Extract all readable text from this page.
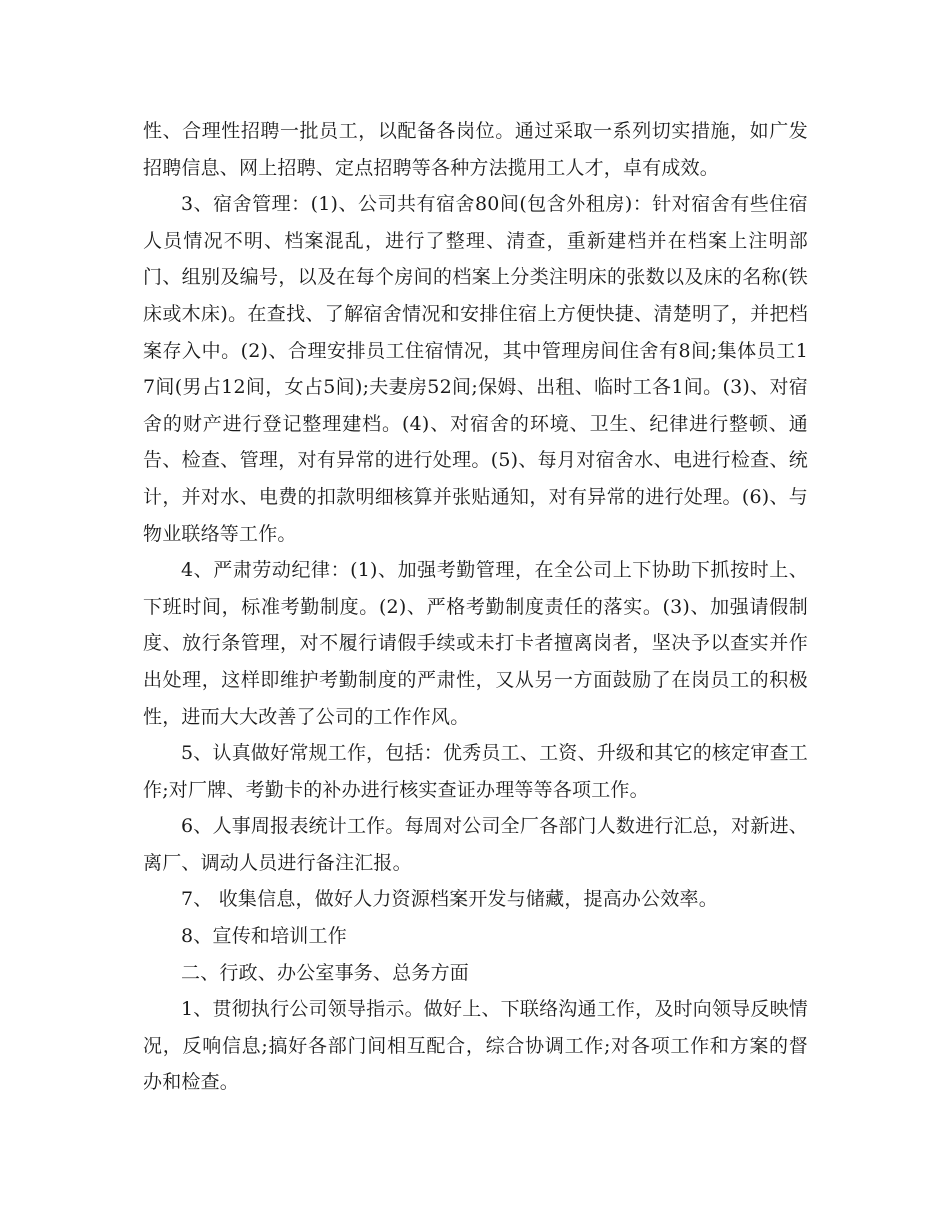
性、合理性招聘一批员工，以配备各岗位。通过采取一系列切实措施，如广发招聘信息、网上招聘、定点招聘等各种方法揽用工人才，卓有成效。

3、宿舍管理：(1)、公司共有宿舍80间(包含外租房)：针对宿舍有些住宿人员情况不明、档案混乱，进行了整理、清查，重新建档并在档案上注明部门、组别及编号，以及在每个房间的档案上分类注明床的张数以及床的名称(铁床或木床)。在查找、了解宿舍情况和安排住宿上方便快捷、清楚明了，并把档案存入中。(2)、合理安排员工住宿情况，其中管理房间住舍有8间;集体员工17间(男占12间，女占5间);夫妻房52间;保姆、出租、临时工各1间。(3)、对宿舍的财产进行登记整理建档。(4)、对宿舍的环境、卫生、纪律进行整顿、通告、检查、管理，对有异常的进行处理。(5)、每月对宿舍水、电进行检查、统计，并对水、电费的扣款明细核算并张贴通知，对有异常的进行处理。(6)、与物业联络等工作。

4、严肃劳动纪律：(1)、加强考勤管理，在全公司上下协助下抓按时上、下班时间，标准考勤制度。(2)、严格考勤制度责任的落实。(3)、加强请假制度、放行条管理，对不履行请假手续或未打卡者擅离岗者，坚决予以查实并作出处理，这样即维护考勤制度的严肃性，又从另一方面鼓励了在岗员工的积极性，进而大大改善了公司的工作作风。

5、认真做好常规工作，包括：优秀员工、工资、升级和其它的核定审查工作;对厂牌、考勤卡的补办进行核实查证办理等等各项工作。

6、人事周报表统计工作。每周对公司全厂各部门人数进行汇总，对新进、离厂、调动人员进行备注汇报。

7、 收集信息，做好人力资源档案开发与储藏，提高办公效率。

8、宣传和培训工作

二、行政、办公室事务、总务方面

1、贯彻执行公司领导指示。做好上、下联络沟通工作，及时向领导反映情况，反响信息;搞好各部门间相互配合，综合协调工作;对各项工作和方案的督办和检查。
